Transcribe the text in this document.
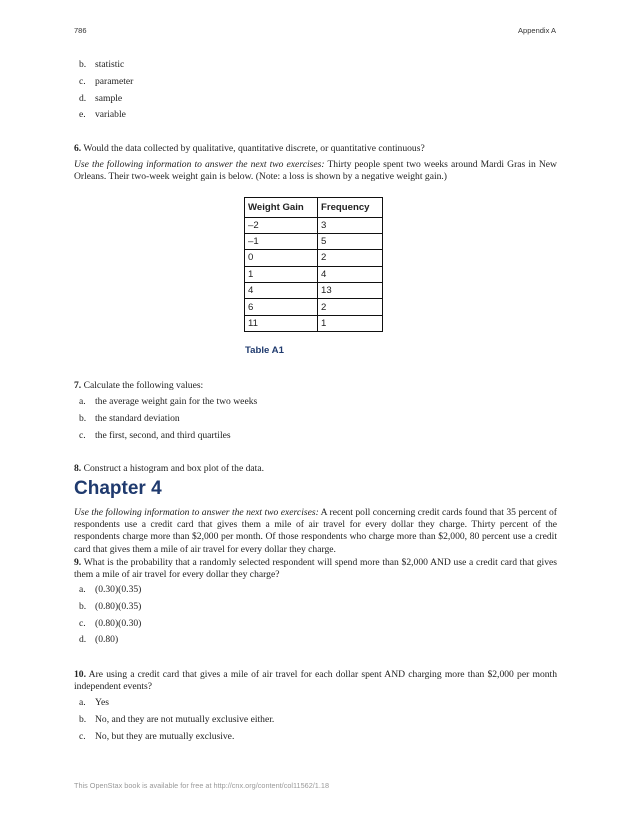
786	Appendix A
b. statistic
c. parameter
d. sample
e. variable

6. Would the data collected by qualitative, quantitative discrete, or quantitative continuous?

Use the following information to answer the next two exercises: Thirty people spent two weeks around Mardi Gras in New Orleans. Their two-week weight gain is below. (Note: a loss is shown by a negative weight gain.)

Weight Gain	Frequency
–2	3
–1	5
0	2
1	4
4	13
6	2
11	1
Table A1

7. Calculate the following values:

a. the average weight gain for the two weeks
b. the standard deviation
c. the first, second, and third quartiles

8. Construct a histogram and box plot of the data.

Chapter 4

Use the following information to answer the next two exercises: A recent poll concerning credit cards found that 35 percent of respondents use a credit card that gives them a mile of air travel for every dollar they charge. Thirty percent of the respondents charge more than $2,000 per month. Of those respondents who charge more than $2,000, 80 percent use a credit card that gives them a mile of air travel for every dollar they charge.

9. What is the probability that a randomly selected respondent will spend more than $2,000 AND use a credit card that gives them a mile of air travel for every dollar they charge?

a. (0.30)(0.35)
b. (0.80)(0.35)
c. (0.80)(0.30)
d. (0.80)

10. Are using a credit card that gives a mile of air travel for each dollar spent AND charging more than $2,000 per month independent events?

a. Yes
b. No, and they are not mutually exclusive either.
c. No, but they are mutually exclusive.
This OpenStax book is available for free at http://cnx.org/content/col11562/1.18
